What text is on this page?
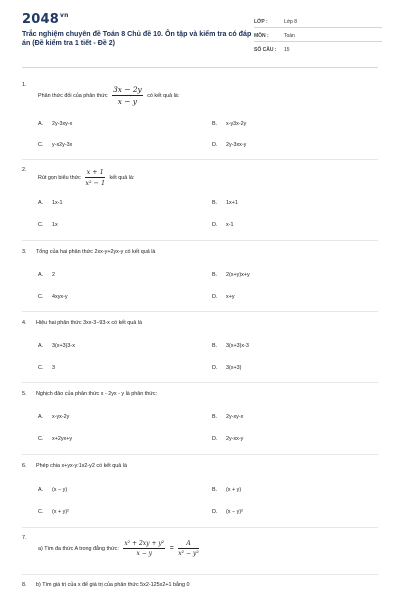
$2048^{vn}$
Trắc nghiệm chuyên đề Toán 8 Chủ đề 10. Ôn tập và kiểm tra có đáp án (Đề kiểm tra 1 tiết - Đề 2)
LỚP :	Lớp 8
MÔN :	Toán
SỐ CÂU : 15
1.
Phân thức đối của phân thức $\frac{3x - 2y}{x - y}$ có kết quả là:
A. 2y-3xy-x	B. x-y3x-2y
C. y-x2y-3x	D. 2y-3xx-y
2.
Rút gọn biểu thức $\frac{x + 1}{\text{x² − 1}}$ kết quả là:
A. 1x-1	B. 1x+1
C. 1x	D. x-1
3. Tổng của hai phân thức 2xx-y+2yx-y có kết quả là
A. 2	B. 2(x+y)x+y
C. 4xyx-y	D. x+y
4. Hiệu hai phân thức 3xx-3−93-x có kết quả là
A. 3(x+3)3-x	B. 3(x+3)x-3
C. 3	D. 3(x+3)
5. Nghịch đảo của phân thức x - 2yx - y là phân thức:
A. x-yx-2y	B. 2y-xy-x
C. x+2yx+y	D. 2y-xx-y
6. Phép chia x+yx-y:1x2-y2 có kết quả là
A. (x − y)	B. (x + y)
C. (x + y)²	D. (x − y)²
7.
a) Tìm đa thức A trong đẳng thức: $\frac{\text{x² + 2xy + y²}}{x - y} = \frac{A}{\text{x² − y²}}$
8. b) Tìm giá trị của x để giá trị của phân thức 5x2-125x2+1 bằng 0
